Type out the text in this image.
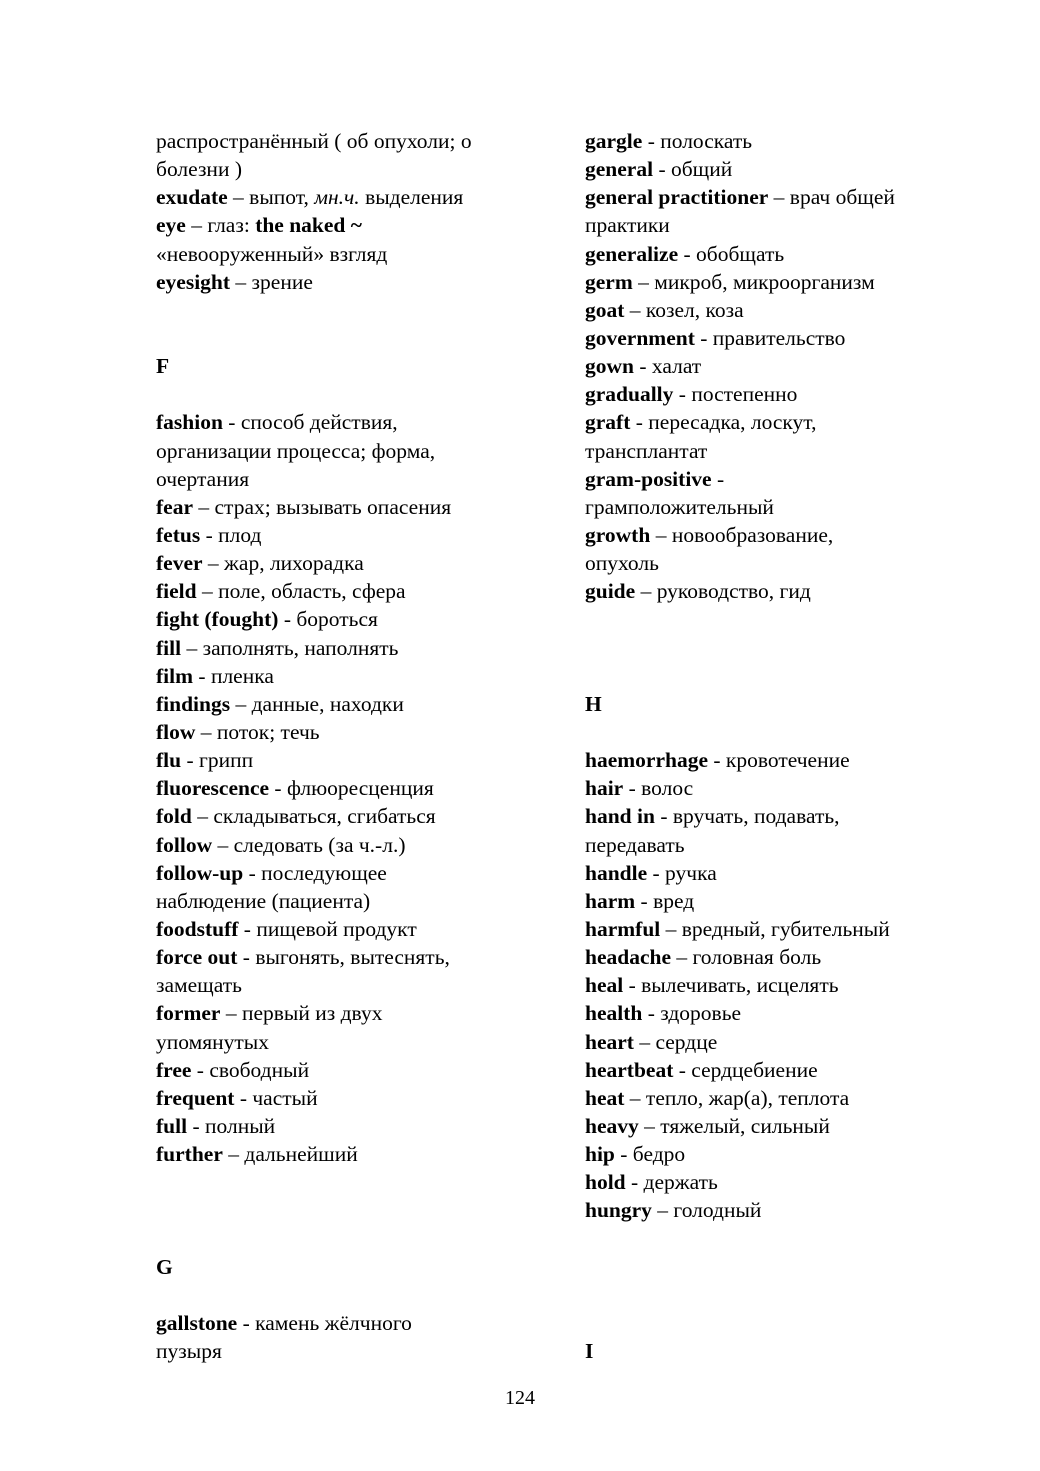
распространённый ( об опухоли; о
болезни )
exudate – выпот, мн.ч. выделения
eye – глаз: the naked ~
«невооруженный» взгляд
eyesight – зрение
F
fashion - способ действия,
организации процесса; форма,
очертания
fear – страх; вызывать опасения
fetus - плод
fever – жар, лихорадка
field – поле, область, сфера
fight (fought) - бороться
fill – заполнять, наполнять
film - пленка
findings – данные, находки
flow – поток; течь
flu - грипп
fluorescence - флюоресценция
fold – складываться, сгибаться
follow – следовать (за ч.-л.)
follow-up - последующее
наблюдение (пациента)
foodstuff - пищевой продукт
force out - выгонять, вытеснять,
замещать
former – первый из двух
упомянутых
free - свободный
frequent - частый
full - полный
further – дальнейший
G
gallstone - камень жёлчного
пузыря
gargle - полоскать
general - общий
general practitioner – врач общей
практики
generalize - обобщать
germ – микроб, микроорганизм
goat – козел, коза
government - правительство
gown - халат
gradually - постепенно
graft - пересадка, лоскут,
трансплантат
gram-positive -
грамположительный
growth – новообразование,
опухоль
guide – руководство, гид
H
haemorrhage - кровотечение
hair - волос
hand in - вручать, подавать,
передавать
handle - ручка
harm - вред
harmful – вредный, губительный
headache – головная боль
heal - вылечивать, исцелять
health - здоровье
heart – сердце
heartbeat - сердцебиение
heat – тепло, жар(а), теплота
heavy – тяжелый, сильный
hip - бедро
hold - держать
hungry – голодный
I
124
